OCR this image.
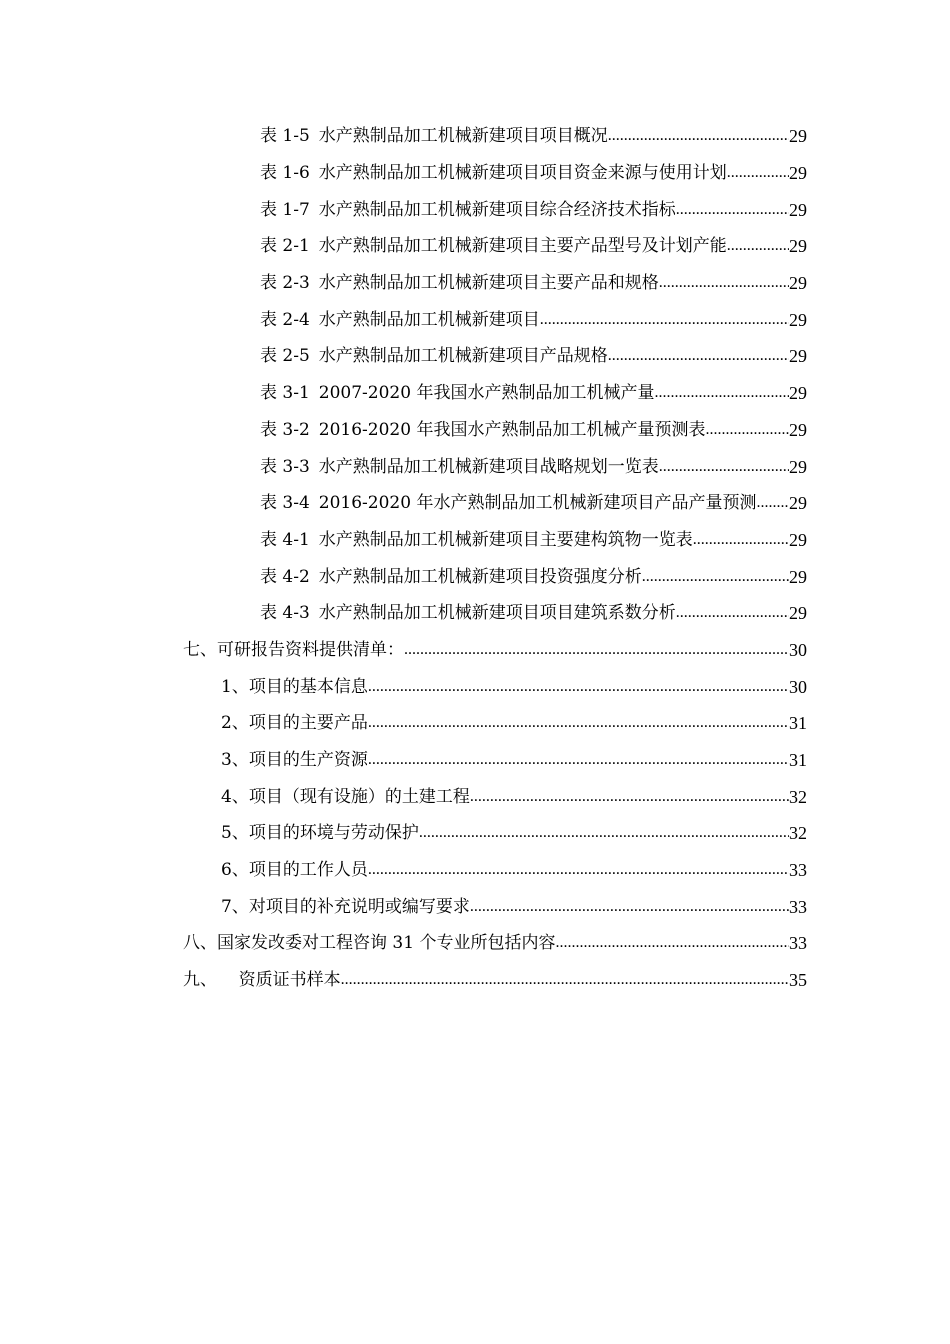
表 1-5 水产熟制品加工机械新建项目项目概况 .....	29
表 1-6 水产熟制品加工机械新建项目项目资金来源与使用计划 .....	29
表 1-7 水产熟制品加工机械新建项目综合经济技术指标 .....	29
表 2-1 水产熟制品加工机械新建项目主要产品型号及计划产能 .....	29
表 2-3 水产熟制品加工机械新建项目主要产品和规格 .....	29
表 2-4 水产熟制品加工机械新建项目 .....	29
表 2-5 水产熟制品加工机械新建项目产品规格 .....	29
表 3-1 2007-2020 年我国水产熟制品加工机械产量 .....	29
表 3-2 2016-2020 年我国水产熟制品加工机械产量预测表 .....	29
表 3-3 水产熟制品加工机械新建项目战略规划一览表 .....	29
表 3-4 2016-2020 年水产熟制品加工机械新建项目产品产量预测 ..... 29
表 4-1 水产熟制品加工机械新建项目主要建构筑物一览表 .....	29
表 4-2 水产熟制品加工机械新建项目投资强度分析 .....	29
表 4-3 水产熟制品加工机械新建项目项目建筑系数分析 .....	29
七、可研报告资料提供清单： .....	30
1、项目的基本信息 .....	30
2、项目的主要产品 .....	31
3、项目的生产资源 .....	31
4、项目（现有设施）的土建工程 .....	32
5、项目的环境与劳动保护 .....	32
6、项目的工作人员 .....	33
7、对项目的补充说明或编写要求 .....	33
八、国家发改委对工程咨询 31 个专业所包括内容 .....	33
九、    资质证书样本 .....	35
